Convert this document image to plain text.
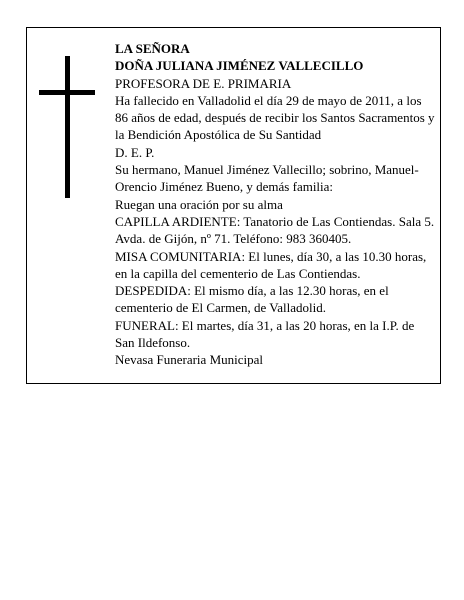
LA SEÑORA

DOÑA JULIANA JIMÉNEZ VALLECILLO

PROFESORA DE E. PRIMARIA

Ha fallecido en Valladolid el día 29 de mayo de 2011, a los 86 años de edad, después de recibir los Santos Sacramentos y la Bendición Apostólica de Su Santidad

D. E. P.

Su hermano, Manuel Jiménez Vallecillo; sobrino, Manuel-Orencio Jiménez Bueno, y demás familia:

Ruegan una oración por su alma

CAPILLA ARDIENTE: Tanatorio de Las Contiendas. Sala 5. Avda. de Gijón, nº 71. Teléfono: 983 360405.

MISA COMUNITARIA: El lunes, día 30, a las 10.30 horas, en la capilla del cementerio de Las Contiendas.

DESPEDIDA: El mismo día, a las 12.30 horas, en el cementerio de El Carmen, de Valladolid.

FUNERAL: El martes, día 31, a las 20 horas, en la I.P. de San Ildefonso.

Nevasa Funeraria Municipal
